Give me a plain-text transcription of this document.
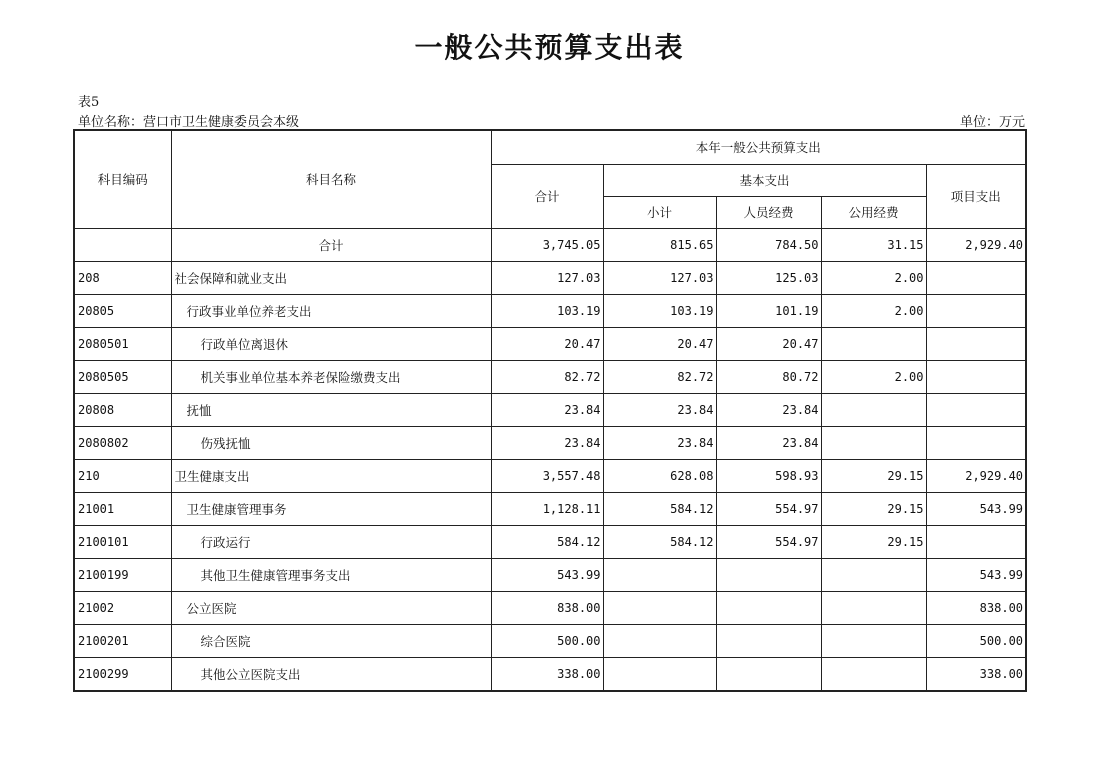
一般公共预算支出表
表5
单位名称：营口市卫生健康委员会本级	单位：万元
科目编码	科目名称	本年一般公共预算支出				
		合计	基本支出			项目支出
			小计	人员经费	公用经费	
	合计	3,745.05	815.65	784.50	31.15	2,929.40
208	社会保障和就业支出	127.03	127.03	125.03	2.00	
20805	行政事业单位养老支出	103.19	103.19	101.19	2.00	
2080501	行政单位离退休	20.47	20.47	20.47		
2080505	机关事业单位基本养老保险缴费支出	82.72	82.72	80.72	2.00	
20808	抚恤	23.84	23.84	23.84		
2080802	伤残抚恤	23.84	23.84	23.84		
210	卫生健康支出	3,557.48	628.08	598.93	29.15	2,929.40
21001	卫生健康管理事务	1,128.11	584.12	554.97	29.15	543.99
2100101	行政运行	584.12	584.12	554.97	29.15	
2100199	其他卫生健康管理事务支出	543.99				543.99
21002	公立医院	838.00				838.00
2100201	综合医院	500.00				500.00
2100299	其他公立医院支出	338.00				338.00
